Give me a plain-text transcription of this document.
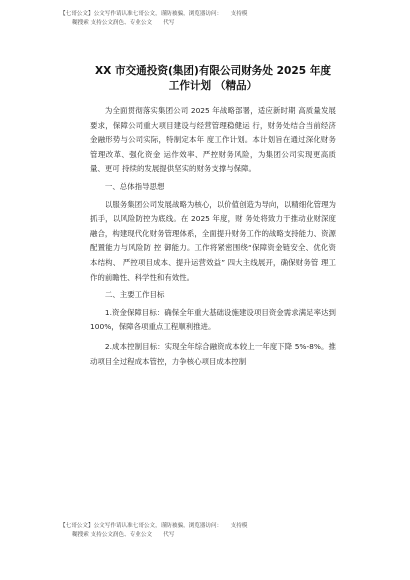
【七哥公文】公文写作请认准七哥公文，谨防被骗，浏览器访问：　　支持模
糊搜索 支持公文润色、专业公文　　代写
XX 市交通投资(集团)有限公司财务处 2025 年度工作计划 （精品）

为全面贯彻落实集团公司 2025 年战略部署，适应新时期 高质量发展要求，保障公司重大项目建设与经营管理稳健运 行，财务处结合当前经济金融形势与公司实际，特制定本年 度工作计划。本计划旨在通过深化财务管理改革、强化资金 运作效率、严控财务风险，为集团公司实现更高质量、更可 持续的发展提供坚实的财务支撑与保障。

一、总体指导思想

以服务集团公司发展战略为核心，以价值创造为导向，以精细化管理为抓手，以风险防控为底线。在 2025 年度，财 务处将致力于推动业财深度融合，构建现代化财务管理体系，全面提升财务工作的战略支持能力、资源配置能力与风险防 控 御能力。工作将紧密围绕“保障资金链安全、优化资本结构、 严控项目成本、提升运营效益” 四大主线展开，确保财务管 理工作的前瞻性、科学性和有效性。

二、主要工作目标

1.资金保障目标：确保全年重大基础设施建设项目资金需求满足率达到 100%，保障各项重点工程顺利推进。

2.成本控制目标：实现全年综合融资成本较上一年度下降 5%-8%。推动项目全过程成本管控，力争核心项目成本控制

【七哥公文】公文写作请认准七哥公文，谨防被骗，浏览器访问：　　支持模
糊搜索 支持公文润色、专业公文　　代写
